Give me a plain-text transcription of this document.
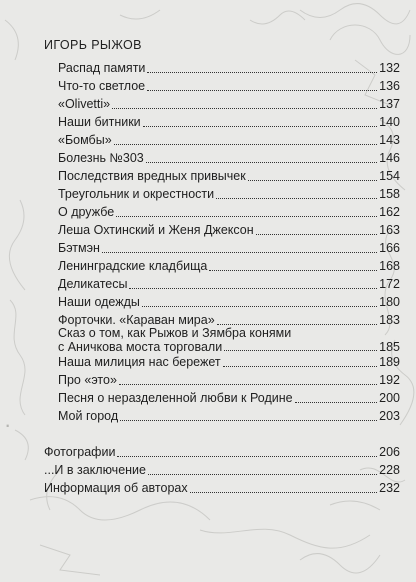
·
ИГОРЬ РЫЖОВ
Распад памяти	132
Что-то светлое	136
«Olivetti»	137
Наши битники	140
«Бомбы»	143
Болезнь №303	146
Последствия вредных привычек	154
Треугольник и окрестности	158
О дружбе	162
Леша Охтинский и Женя Джексон	163
Бэтмэн	166
Ленинградские кладбища	168
Деликатесы	172
Наши одежды	180
Форточки. «Караван мира»	183
Сказ о том, как Рыжов и Зямбра конями
с Аничкова моста торговали	185
Наша милиция нас бережет	189
Про «это»	192
Песня о неразделенной любви к Родине	200
Мой город	203
Фотографии	206
...И в заключение	228
Информация об авторах	232
